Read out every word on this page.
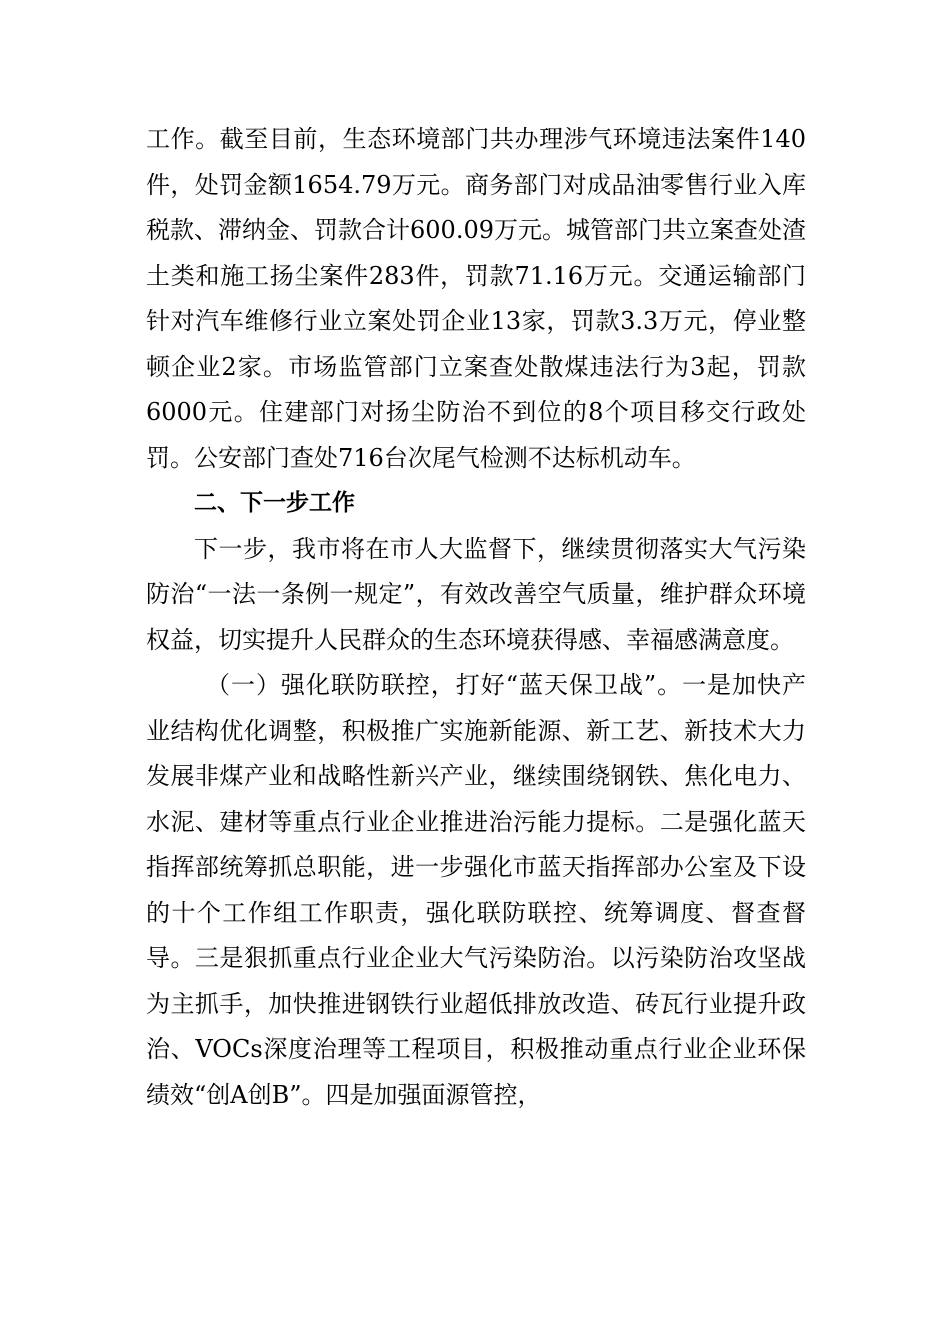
工作。截至目前，生态环境部门共办理涉气环境违法案件140件，处罚金额1654.79万元。商务部门对成品油零售行业入库税款、滞纳金、罚款合计600.09万元。城管部门共立案查处渣土类和施工扬尘案件283件，罚款71.16万元。交通运输部门针对汽车维修行业立案处罚企业13家，罚款3.3万元，停业整顿企业2家。市场监管部门立案查处散煤违法行为3起，罚款6000元。住建部门对扬尘防治不到位的8个项目移交行政处罚。公安部门查处716台次尾气检测不达标机动车。

二、下一步工作

下一步，我市将在市人大监督下，继续贯彻落实大气污染防治“一法一条例一规定”，有效改善空气质量，维护群众环境权益，切实提升人民群众的生态环境获得感、幸福感满意度。

（一）强化联防联控，打好“蓝天保卫战”。一是加快产业结构优化调整，积极推广实施新能源、新工艺、新技术大力发展非煤产业和战略性新兴产业，继续围绕钢铁、焦化电力、水泥、建材等重点行业企业推进治污能力提标。二是强化蓝天指挥部统筹抓总职能，进一步强化市蓝天指挥部办公室及下设的十个工作组工作职责，强化联防联控、统筹调度、督查督导。三是狠抓重点行业企业大气污染防治。以污染防治攻坚战为主抓手，加快推进钢铁行业超低排放改造、砖瓦行业提升政治、VOCs深度治理等工程项目，积极推动重点行业企业环保绩效“创A创B”。四是加强面源管控，
